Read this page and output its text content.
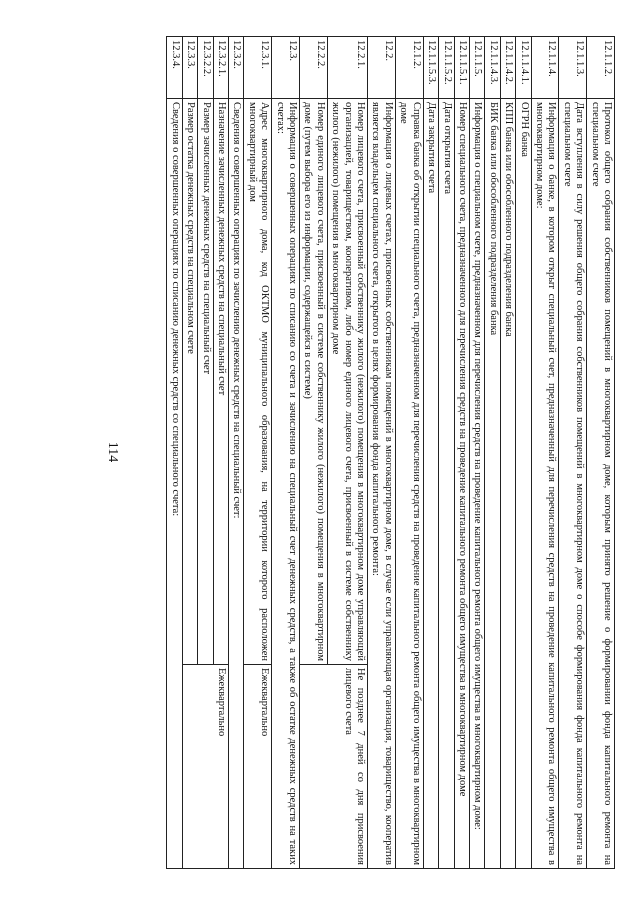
114
12.1.1.2.	Протокол общего собрания собственников помещений в многоквартирном доме, которым принято решение о формировании фонда капитального ремонта на специальном счете	
12.1.1.3.	Дата вступления в силу решения общего собрания собственников помещений в многоквартирном доме о способе формирования фонда капитального ремонта на специальном счете	
12.1.1.4.	Информация о банке, в котором открыт специальный счет, предназначенный для перечисления средств на проведение капитального ремонта общего имущества в многоквартирном доме:	
12.1.1.4.1.	ОГРН банка	
12.1.1.4.2.	КПП банка или обособленного подразделения банка	
12.1.1.4.3.	БИК банка или обособленного подразделения банка	
12.1.1.5.	Информация о специальном счете, предназначенном для перечисления средств на проведение капитального ремонта общего имущества в многоквартирном доме:	
12.1.1.5.1.	Номер специального счета, предназначенного для перечисления средств на проведение капитального ремонта общего имущества в многоквартирном доме	
12.1.1.5.2.	Дата открытия счета	
12.1.1.5.3.	Дата закрытия счета	
12.1.2.	Справка банка об открытии специального счета, предназначенном для перечисления средств на проведение капитального ремонта общего имущества в многоквартирном доме	
12.2.	Информация о лицевых счетах, присвоенных собственникам помещений в многоквартирном доме, в случае если управляющая организация, товарищество, кооператив является владельцем специального счета, открытого в целях формирования фонда капитального ремонта:	
12.2.1.	Номер лицевого счета, присвоенный собственнику жилого (нежилого) помещения в многоквартирном доме управляющей организацией, товариществом, кооперативом, либо номер единого лицевого счета, присвоенный в системе собственнику жилого (нежилого) помещения в многоквартирном доме	Не позднее 7 дней со дня присвоения лицевого счета
12.2.2.	Номер единого лицевого счета, присвоенный в системе собственнику жилого (нежилого) помещения в многоквартирном доме (путем выбора его из информации, содержащейся в системе)	
12.3.	Информация о совершенных операциях по списанию со счета и зачислению на специальный счет денежных средств, а также об остатке денежных средств на таких счетах:	
12.3.1.	Адрес многоквартирного дома, код ОКТМО муниципального образования, на территории которого расположен многоквартирный дом	Ежеквартально
12.3.2.	Сведения о совершенных операциях по зачислению денежных средств на специальный счет:	
12.3.2.1.	Назначение зачисленных денежных средств на специальный счет	Ежеквартально
12.3.2.2.	Размер зачисленных денежных средств на специальный счет	
12.3.3.	Размер остатка денежных средств на специальном счете	
12.3.4.	Сведения о совершенных операциях по списанию денежных средств со специального счета:	
